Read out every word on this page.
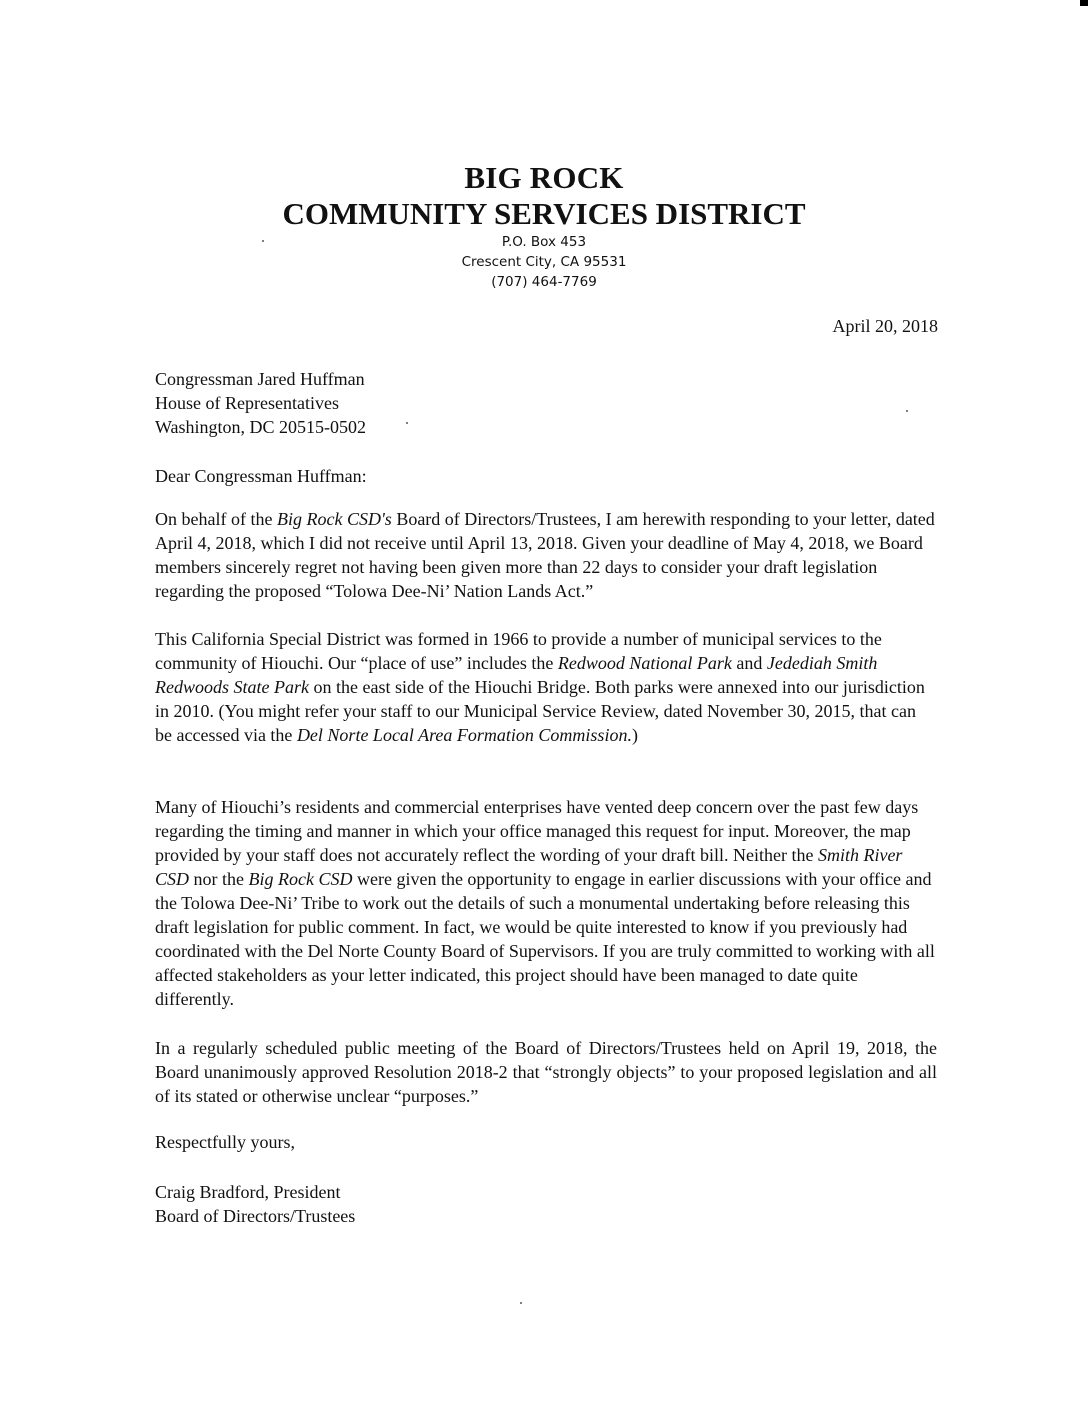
BIG ROCK
COMMUNITY SERVICES DISTRICT
P.O. Box 453
Crescent City, CA 95531
(707) 464-7769
April 20, 2018
Congressman Jared Huffman
House of Representatives
Washington, DC 20515-0502
Dear Congressman Huffman:
On behalf of the Big Rock CSD's Board of Directors/Trustees, I am herewith responding to your letter, dated April 4, 2018, which I did not receive until April 13, 2018. Given your deadline of May 4, 2018, we Board members sincerely regret not having been given more than 22 days to consider your draft legislation regarding the proposed “Tolowa Dee-Ni’ Nation Lands Act.”
This California Special District was formed in 1966 to provide a number of municipal services to the community of Hiouchi. Our “place of use” includes the Redwood National Park and Jedediah Smith Redwoods State Park on the east side of the Hiouchi Bridge. Both parks were annexed into our jurisdiction in 2010. (You might refer your staff to our Municipal Service Review, dated November 30, 2015, that can be accessed via the Del Norte Local Area Formation Commission.)
Many of Hiouchi’s residents and commercial enterprises have vented deep concern over the past few days regarding the timing and manner in which your office managed this request for input. Moreover, the map provided by your staff does not accurately reflect the wording of your draft bill. Neither the Smith River CSD nor the Big Rock CSD were given the opportunity to engage in earlier discussions with your office and the Tolowa Dee-Ni’ Tribe to work out the details of such a monumental undertaking before releasing this draft legislation for public comment. In fact, we would be quite interested to know if you previously had coordinated with the Del Norte County Board of Supervisors. If you are truly committed to working with all affected stakeholders as your letter indicated, this project should have been managed to date quite differently.
In a regularly scheduled public meeting of the Board of Directors/Trustees held on April 19, 2018, the Board unanimously approved Resolution 2018-2 that “strongly objects” to your proposed legislation and all of its stated or otherwise unclear “purposes.”
Respectfully yours,
Craig Bradford, President
Board of Directors/Trustees
